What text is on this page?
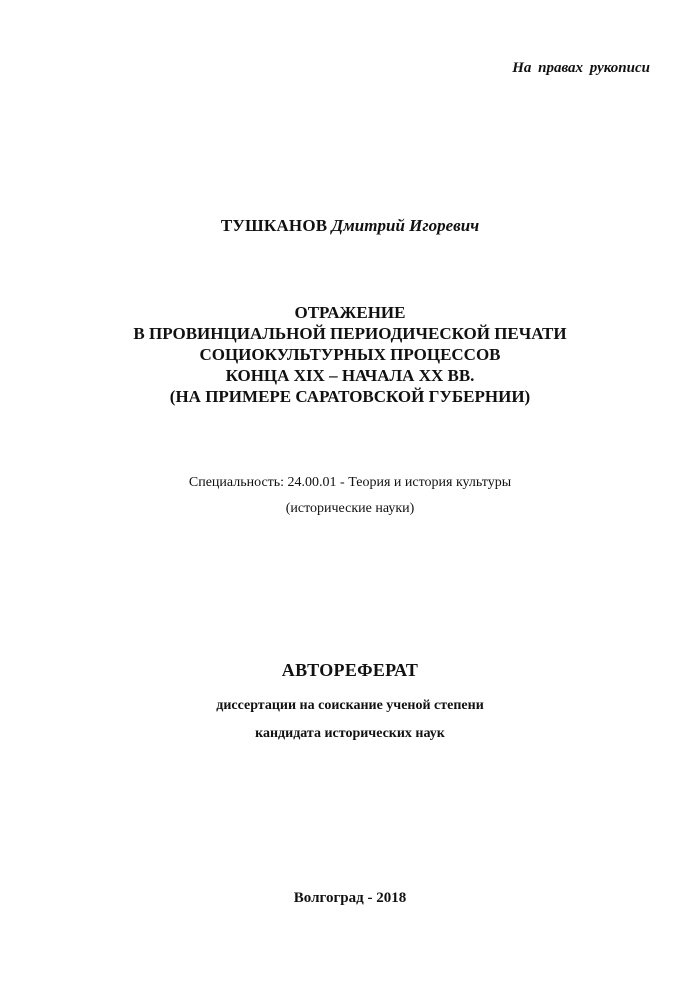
На правах рукописи
ТУШКАНОВ Дмитрий Игоревич
ОТРАЖЕНИЕ
В ПРОВИНЦИАЛЬНОЙ ПЕРИОДИЧЕСКОЙ ПЕЧАТИ
СОЦИОКУЛЬТУРНЫХ ПРОЦЕССОВ
КОНЦА XIX – НАЧАЛА XX ВВ.
(НА ПРИМЕРЕ САРАТОВСКОЙ ГУБЕРНИИ)
Специальность: 24.00.01 - Теория и история культуры
(исторические науки)
АВТОРЕФЕРАТ
диссертации на соискание ученой степени
кандидата исторических наук
Волгоград - 2018
